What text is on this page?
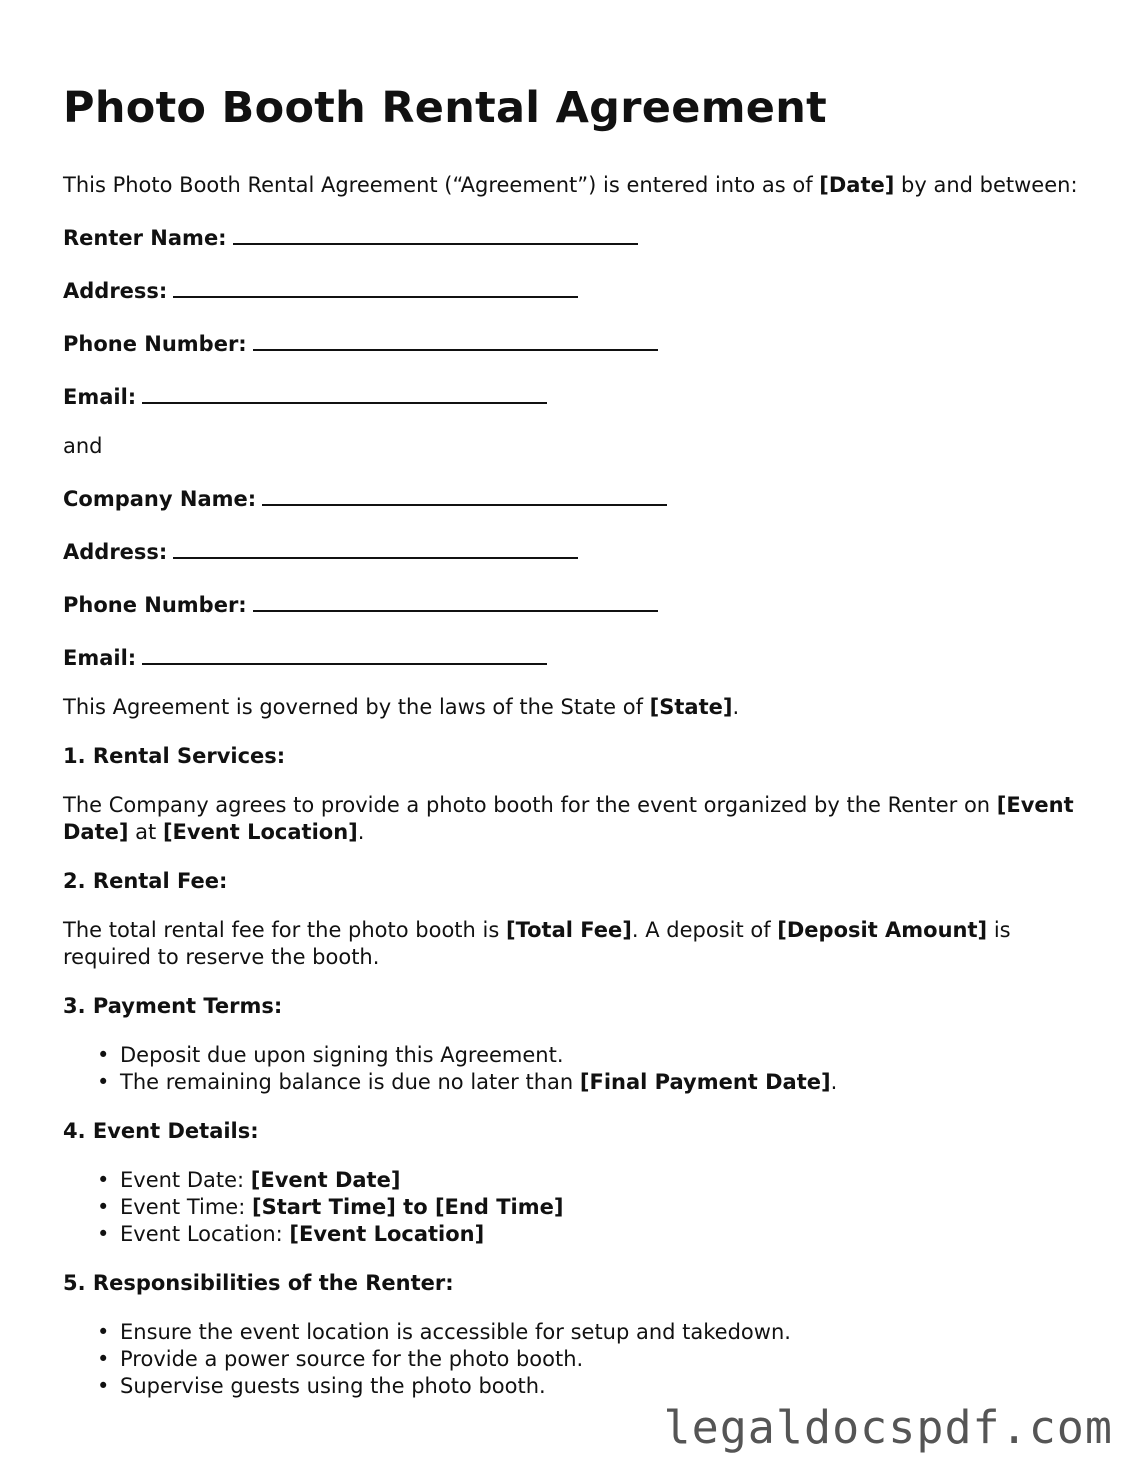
Photo Booth Rental Agreement

This Photo Booth Rental Agreement (“Agreement”) is entered into as of [Date] by and between:

Renter Name:
Address:
Phone Number:
Email:

and

Company Name:
Address:
Phone Number:
Email:

This Agreement is governed by the laws of the State of [State].

1. Rental Services:

The Company agrees to provide a photo booth for the event organized by the Renter on [Event Date] at [Event Location].

2. Rental Fee:

The total rental fee for the photo booth is [Total Fee]. A deposit of [Deposit Amount] is required to reserve the booth.

3. Payment Terms:
• Deposit due upon signing this Agreement.
• The remaining balance is due no later than [Final Payment Date].
4. Event Details:
• Event Date: [Event Date]
• Event Time: [Start Time] to [End Time]
• Event Location: [Event Location]
5. Responsibilities of the Renter:
• Ensure the event location is accessible for setup and takedown.
• Provide a power source for the photo booth.
• Supervise guests using the photo booth.
legaldocspdf.com
